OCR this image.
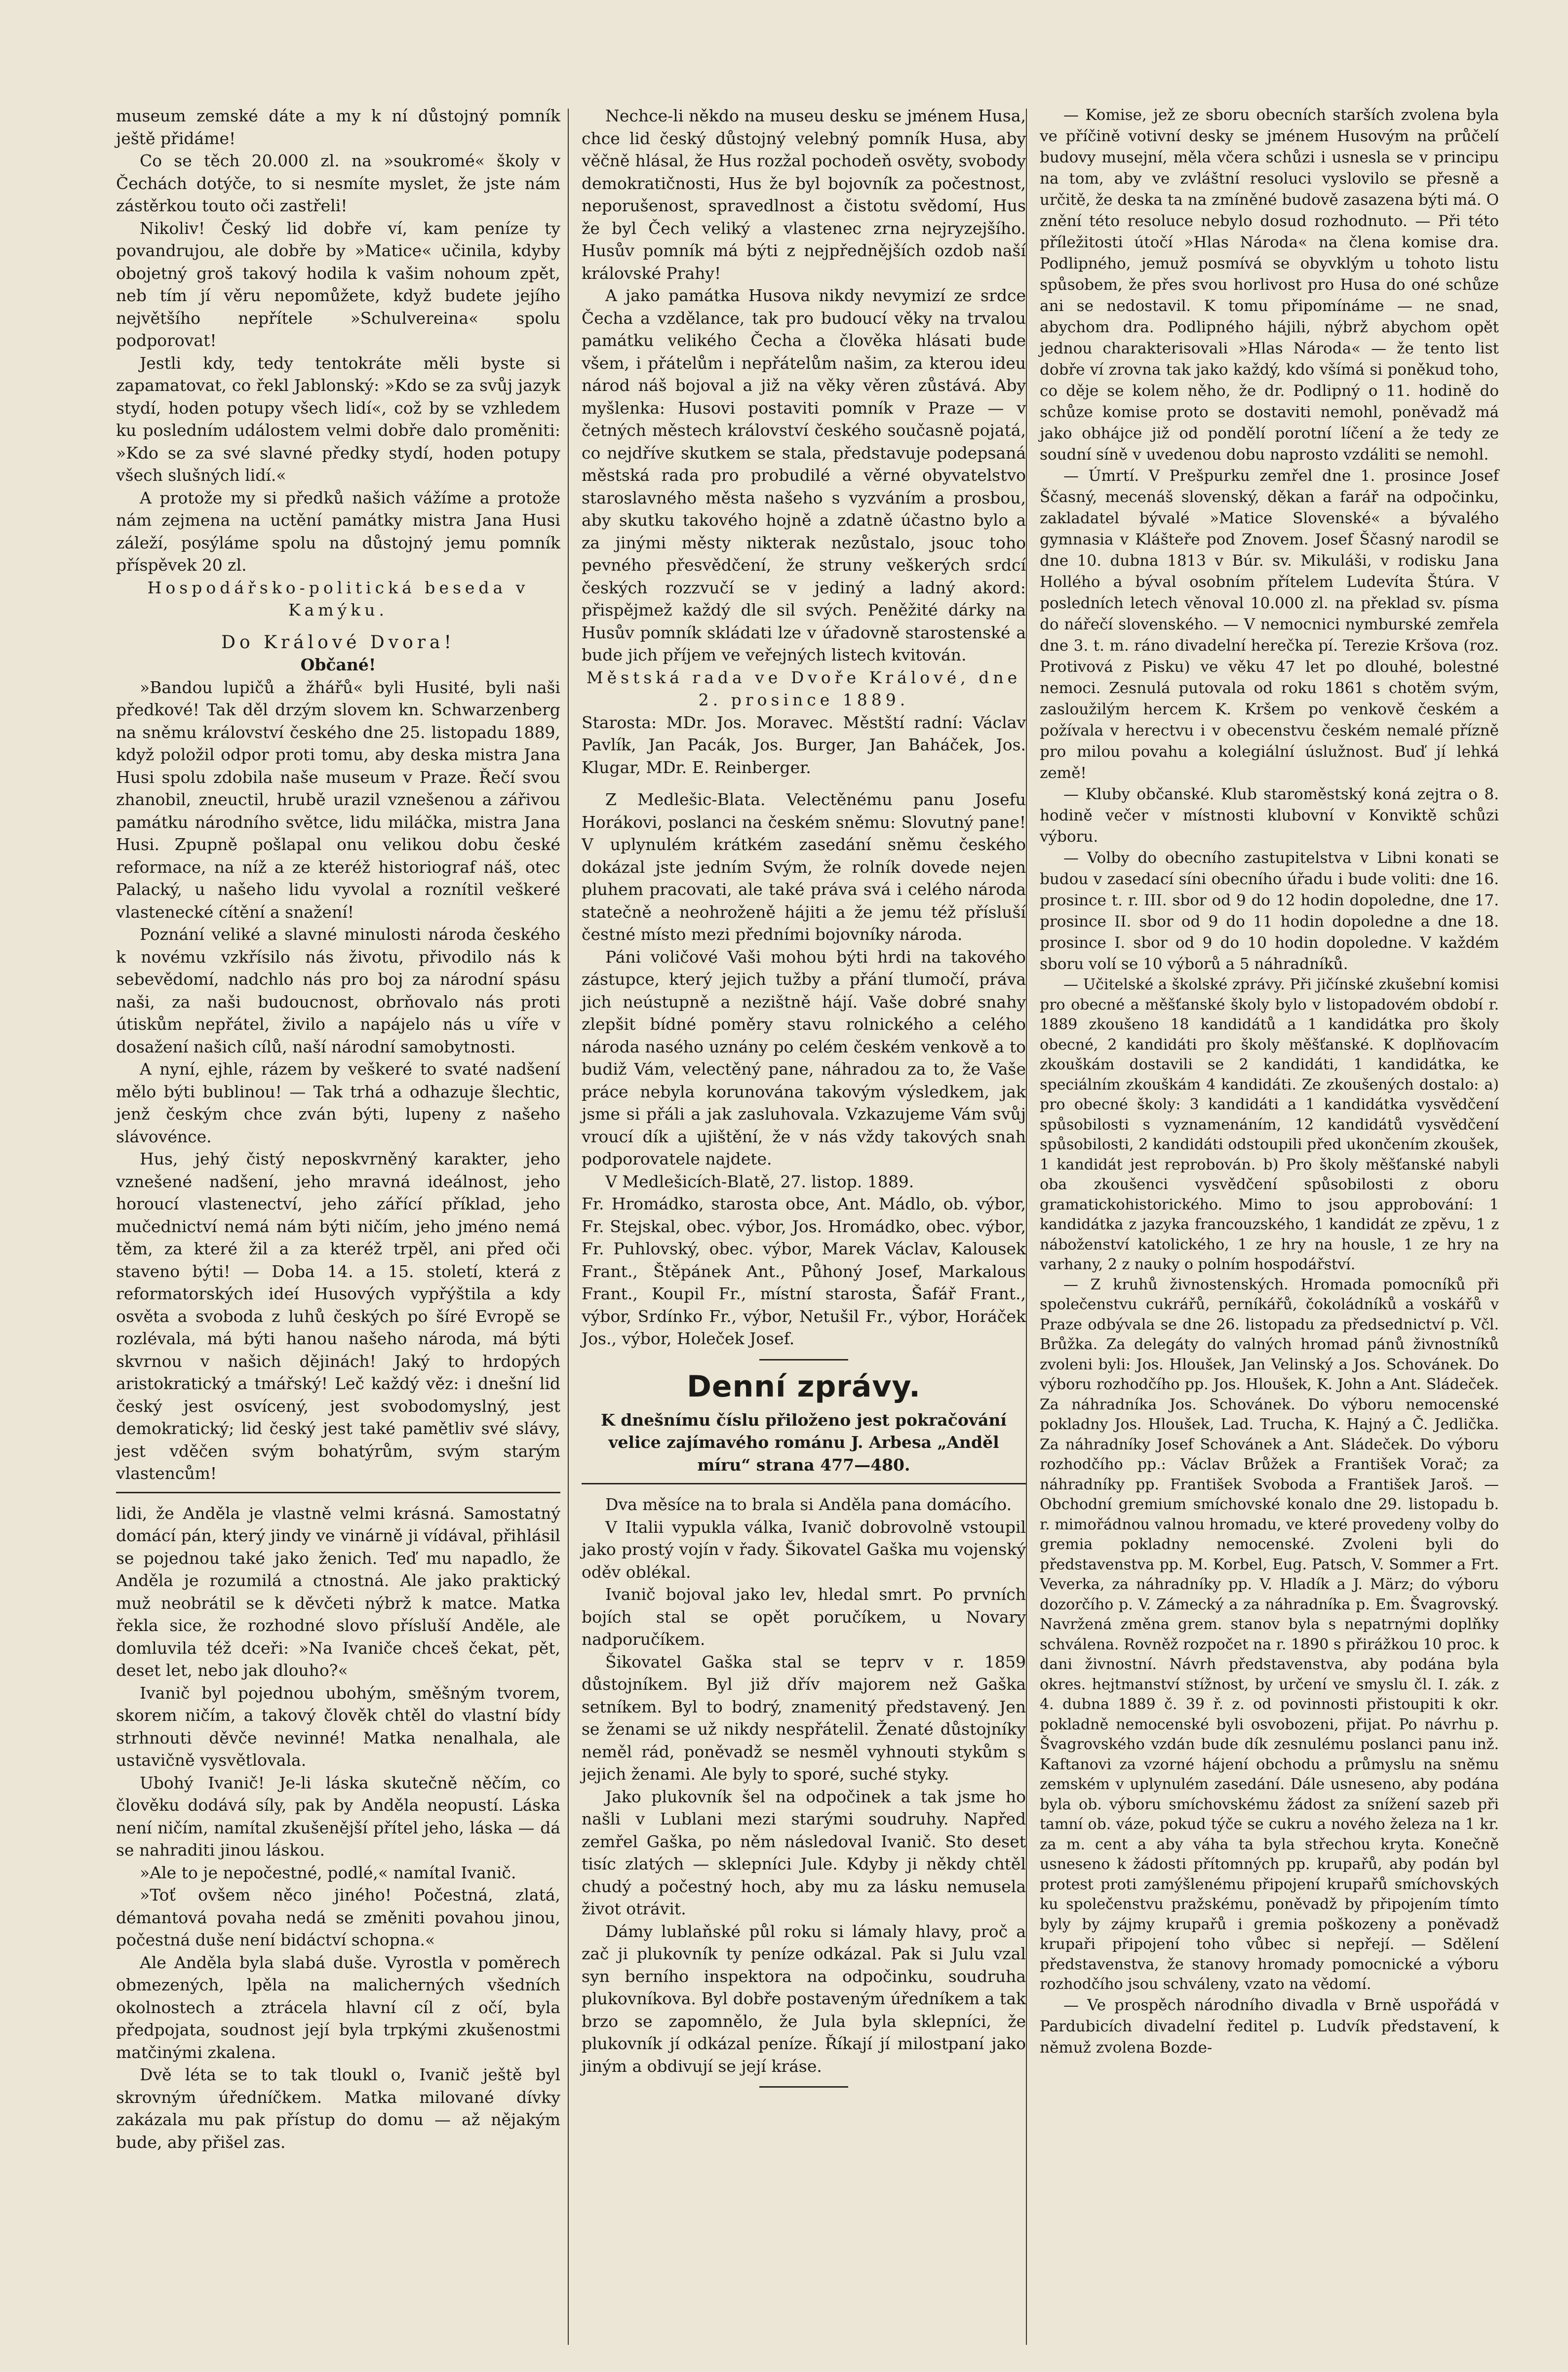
museum zemské dáte a my k ní důstojný pomník ještě přidáme!

Co se těch 20.000 zl. na »soukromé« školy v Čechách dotýče, to si nesmíte myslet, že jste nám zástěrkou touto oči zastřeli!

Nikoliv! Český lid dobře ví, kam peníze ty povandrujou, ale dobře by »Matice« učinila, kdyby obojetný groš takový hodila k vašim nohoum zpět, neb tím jí věru nepomůžete, když budete jejího největšího nepřítele »Schulvereina« spolu podporovat!

Jestli kdy, tedy tentokráte měli byste si zapamatovat, co řekl Jablonský: »Kdo se za svůj jazyk stydí, hoden potupy všech lidí«, což by se vzhledem ku posledním událostem velmi dobře dalo proměniti: »Kdo se za své slavné předky stydí, hoden potupy všech slušných lidí.«

A protože my si předků našich vážíme a protože nám zejmena na uctění památky mistra Jana Husi záleží, posýláme spolu na důstojný jemu pomník příspěvek 20 zl.

Hospodářsko-politická beseda v Kamýku.

Do Králové Dvora!

Občané!

»Bandou lupičů a žhářů« byli Husité, byli naši předkové! Tak děl drzým slovem kn. Schwarzenberg na sněmu království českého dne 25. listopadu 1889, když položil odpor proti tomu, aby deska mistra Jana Husi spolu zdobila naše museum v Praze. Řečí svou zhanobil, zneuctil, hrubě urazil vznešenou a zářivou památku národního světce, lidu miláčka, mistra Jana Husi. Zpupně pošlapal onu velikou dobu české reformace, na níž a ze kteréž historiograf náš, otec Palacký, u našeho lidu vyvolal a roznítil veškeré vlastenecké cítění a snažení!

Poznání veliké a slavné minulosti národa českého k novému vzkřísilo nás životu, přivodilo nás k sebevědomí, nadchlo nás pro boj za národní spásu naši, za naši budoucnost, obrňovalo nás proti útiskům nepřátel, živilo a napájelo nás u víře v dosažení našich cílů, naší národní samobytnosti.

A nyní, ejhle, rázem by veškeré to svaté nadšení mělo býti bublinou! — Tak trhá a odhazuje šlechtic, jenž českým chce zván býti, lupeny z našeho slávovénce.

Hus, jehý čistý neposkvrněný karakter, jeho vznešené nadšení, jeho mravná ideálnost, jeho horoucí vlastenectví, jeho zářící příklad, jeho mučednictví nemá nám býti ničím, jeho jméno nemá těm, za které žil a za kteréž trpěl, ani před oči staveno býti! — Doba 14. a 15. století, která z reformatorských ideí Husových vypřýštila a kdy osvěta a svoboda z luhů českých po šíré Evropě se rozlévala, má býti hanou našeho národa, má býti skvrnou v našich dějinách! Jaký to hrdopých aristokratický a tmářský! Leč každý věz: i dnešní lid český jest osvícený, jest svobodomyslný, jest demokratický; lid český jest také pamětliv své slávy, jest vděčen svým bohatýrům, svým starým vlastencům!

lidi, že Anděla je vlastně velmi krásná. Samostatný domácí pán, který jindy ve vinárně ji vídával, přihlásil se pojednou také jako ženich. Teď mu napadlo, že Anděla je rozumilá a ctnostná. Ale jako praktický muž neobrátil se k děvčeti nýbrž k matce. Matka řekla sice, že rozhodné slovo přísluší Anděle, ale domluvila též dceři: »Na Ivaniče chceš čekat, pět, deset let, nebo jak dlouho?«

Ivanič byl pojednou ubohým, směšným tvorem, skorem ničím, a takový člověk chtěl do vlastní bídy strhnouti děvče nevinné! Matka nenalhala, ale ustavičně vysvětlovala.

Ubohý Ivanič! Je-li láska skutečně něčím, co člověku dodává síly, pak by Anděla neopustí. Láska není ničím, namítal zkušenější přítel jeho, láska — dá se nahraditi jinou láskou.

»Ale to je nepočestné, podlé,« namítal Ivanič.

»Toť ovšem něco jiného! Počestná, zlatá, démantová povaha nedá se změniti povahou jinou, počestná duše není bidáctví schopna.«

Ale Anděla byla slabá duše. Vyrostla v poměrech obmezených, lpěla na malicherných všedních okolnostech a ztrácela hlavní cíl z očí, byla předpojata, soudnost její byla trpkými zkušenostmi matčinými zkalena.

Dvě léta se to tak tloukl o, Ivanič ještě byl skrovným úředníčkem. Matka milované dívky zakázala mu pak přístup do domu — až nějakým bude, aby přišel zas.

Nechce-li někdo na museu desku se jménem Husa, chce lid český důstojný velebný pomník Husa, aby věčně hlásal, že Hus rozžal pochodeň osvěty, svobody demokratičnosti, Hus že byl bojovník za počestnost, neporušenost, spravedlnost a čistotu svědomí, Hus že byl Čech veliký a vlastenec zrna nejryzejšího. Husův pomník má býti z nejpřednějších ozdob naší královské Prahy!

A jako památka Husova nikdy nevymizí ze srdce Čecha a vzdělance, tak pro budoucí věky na trvalou památku velikého Čecha a člověka hlásati bude všem, i přátelům i nepřátelům našim, za kterou ideu národ náš bojoval a již na věky věren zůstává. Aby myšlenka: Husovi postaviti pomník v Praze — v četných městech království českého současně pojatá, co nejdříve skutkem se stala, představuje podepsaná městská rada pro probudilé a věrné obyvatelstvo staroslavného města našeho s vyzváním a prosbou, aby skutku takového hojně a zdatně účastno bylo a za jinými městy nikterak nezůstalo, jsouc toho pevného přesvědčení, že struny veškerých srdcí českých rozzvučí se v jediný a ladný akord: přispějmež každý dle sil svých. Peněžité dárky na Husův pomník skládati lze v úřadovně starostenské a bude jich příjem ve veřejných listech kvitován.

Městská rada ve Dvoře Králové, dne 2. prosince 1889.

Starosta: MDr. Jos. Moravec. Městští radní: Václav Pavlík, Jan Pacák, Jos. Burger, Jan Baháček, Jos. Klugar, MDr. E. Reinberger.

Z Medlešic-Blata. Velectěnému panu Josefu Horákovi, poslanci na českém sněmu: Slovutný pane! V uplynulém krátkém zasedání sněmu českého dokázal jste jedním Svým, že rolník dovede nejen pluhem pracovati, ale také práva svá i celého národa statečně a neohroženě hájiti a že jemu též přísluší čestné místo mezi předními bojovníky národa.

Páni voličové Vaši mohou býti hrdi na takového zástupce, který jejich tužby a přání tlumočí, práva jich neústupně a nezištně hájí. Vaše dobré snahy zlepšit bídné poměry stavu rolnického a celého národa nasého uznány po celém českém venkově a to budiž Vám, velectěný pane, náhradou za to, že Vaše práce nebyla korunována takovým výsledkem, jak jsme si přáli a jak zasluhovala. Vzkazujeme Vám svůj vroucí dík a ujištění, že v nás vždy takových snah podporovatele najdete.

V Medlešicích-Blatě, 27. listop. 1889.

Fr. Hromádko, starosta obce, Ant. Mádlo, ob. výbor, Fr. Stejskal, obec. výbor, Jos. Hromádko, obec. výbor, Fr. Puhlovský, obec. výbor, Marek Václav, Kalousek Frant., Štěpánek Ant., Půhoný Josef, Markalous Frant., Koupil Fr., místní starosta, Šafář Frant., výbor, Srdínko Fr., výbor, Netušil Fr., výbor, Horáček Jos., výbor, Holeček Josef.

Denní zprávy.

K dnešnímu číslu přiloženo jest pokračování velice zajímavého románu J. Arbesa „Anděl míru“ strana 477—480.

Dva měsíce na to brala si Anděla pana domácího.

V Italii vypukla válka, Ivanič dobrovolně vstoupil jako prostý vojín v řady. Šikovatel Gaška mu vojenský oděv oblékal.

Ivanič bojoval jako lev, hledal smrt. Po prvních bojích stal se opět poručíkem, u Novary nadporučíkem.

Šikovatel Gaška stal se teprv v r. 1859 důstojníkem. Byl již dřív majorem než Gaška setníkem. Byl to bodrý, znamenitý představený. Jen se ženami se už nikdy nespřátelil. Ženaté důstojníky neměl rád, poněvadž se nesměl vyhnouti stykům s jejich ženami. Ale byly to sporé, suché styky.

Jako plukovník šel na odpočinek a tak jsme ho našli v Lublani mezi starými soudruhy. Napřed zemřel Gaška, po něm následoval Ivanič. Sto deset tisíc zlatých — sklepníci Jule. Kdyby ji někdy chtěl chudý a počestný hoch, aby mu za lásku nemusela život otrávit.

Dámy lublaňské půl roku si lámaly hlavy, proč a zač ji plukovník ty peníze odkázal. Pak si Julu vzal syn berního inspektora na odpočinku, soudruha plukovníkova. Byl dobře postaveným úředníkem a tak brzo se zapomnělo, že Jula byla sklepníci, že plukovník jí odkázal peníze. Říkají jí milostpaní jako jiným a obdivují se její kráse.

— Komise, jež ze sboru obecních starších zvolena byla ve příčině votivní desky se jménem Husovým na průčelí budovy musejní, měla včera schůzi i usnesla se v principu na tom, aby ve zvláštní resoluci vyslovilo se přesně a určitě, že deska ta na zmíněné budově zasazena býti má. O znění této resoluce nebylo dosud rozhodnuto. — Při této příležitosti útočí »Hlas Národa« na člena komise dra. Podlipného, jemuž posmívá se obyvklým u tohoto listu spůsobem, že přes svou horlivost pro Husa do oné schůze ani se nedostavil. K tomu připomínáme — ne snad, abychom dra. Podlipného hájili, nýbrž abychom opět jednou charakterisovali »Hlas Národa« — že tento list dobře ví zrovna tak jako každý, kdo všímá si poněkud toho, co děje se kolem něho, že dr. Podlipný o 11. hodině do schůze komise proto se dostaviti nemohl, poněvadž má jako obhájce již od pondělí porotní líčení a že tedy ze soudní síně v uvedenou dobu naprosto vzdáliti se nemohl.

— Úmrtí. V Prešpurku zemřel dne 1. prosince Josef Ščasný, mecenáš slovenský, děkan a farář na odpočinku, zakladatel bývalé »Matice Slovenské« a bývalého gymnasia v Klášteře pod Znovem. Josef Ščasný narodil se dne 10. dubna 1813 v Búr. sv. Mikuláši, v rodisku Jana Hollého a býval osobním přítelem Ludevíta Štúra. V posledních letech věnoval 10.000 zl. na překlad sv. písma do nářečí slovenského. — V nemocnici nymburské zemřela dne 3. t. m. ráno divadelní herečka pí. Terezie Kršova (roz. Protivová z Pisku) ve věku 47 let po dlouhé, bolestné nemoci. Zesnulá putovala od roku 1861 s chotěm svým, zasloužilým hercem K. Kršem po venkově českém a požívala v herectvu i v obecenstvu českém nemalé přízně pro milou povahu a kolegiální úslužnost. Buď jí lehká země!

— Kluby občanské. Klub staroměstský koná zejtra o 8. hodině večer v místnosti klubovní v Konviktě schůzi výboru.

— Volby do obecního zastupitelstva v Libni konati se budou v zasedací síni obecního úřadu i bude voliti: dne 16. prosince t. r. III. sbor od 9 do 12 hodin dopoledne, dne 17. prosince II. sbor od 9 do 11 hodin dopoledne a dne 18. prosince I. sbor od 9 do 10 hodin dopoledne. V každém sboru volí se 10 výborů a 5 náhradníků.

— Učitelské a školské zprávy. Při jičínské zkušební komisi pro obecné a měšťanské školy bylo v listopadovém období r. 1889 zkoušeno 18 kandidátů a 1 kandidátka pro školy obecné, 2 kandidáti pro školy měšťanské. K doplňovacím zkouškám dostavili se 2 kandidáti, 1 kandidátka, ke speciálním zkouškám 4 kandidáti. Ze zkoušených dostalo: a) pro obecné školy: 3 kandidáti a 1 kandidátka vysvědčení spůsobilosti s vyznamenáním, 12 kandidátů vysvědčení spůsobilosti, 2 kandidáti odstoupili před ukončením zkoušek, 1 kandidát jest reprobován. b) Pro školy měšťanské nabyli oba zkoušenci vysvědčení spůsobilosti z oboru gramatickohistorického. Mimo to jsou approbování: 1 kandidátka z jazyka francouzského, 1 kandidát ze zpěvu, 1 z náboženství katolického, 1 ze hry na housle, 1 ze hry na varhany, 2 z nauky o polním hospodářství.

— Z kruhů živnostenských. Hromada pomocníků při společenstvu cukrářů, perníkářů, čokoládníků a voskářů v Praze odbývala se dne 26. listopadu za předsednictví p. Včl. Brůžka. Za delegáty do valných hromad pánů živnostníků zvoleni byli: Jos. Hloušek, Jan Velinský a Jos. Schovánek. Do výboru rozhodčího pp. Jos. Hloušek, K. John a Ant. Sládeček. Za náhradníka Jos. Schovánek. Do výboru nemocenské pokladny Jos. Hloušek, Lad. Trucha, K. Hajný a Č. Jedlička. Za náhradníky Josef Schovánek a Ant. Sládeček. Do výboru rozhodčího pp.: Václav Brůžek a František Vorač; za náhradníky pp. František Svoboda a František Jaroš. — Obchodní gremium smíchovské konalo dne 29. listopadu b. r. mimořádnou valnou hromadu, ve které provedeny volby do gremia pokladny nemocenské. Zvoleni byli do představenstva pp. M. Korbel, Eug. Patsch, V. Sommer a Frt. Veverka, za náhradníky pp. V. Hladík a J. März; do výboru dozorčího p. V. Zámecký a za náhradníka p. Em. Švagrovský. Navržená změna grem. stanov byla s nepatrnými doplňky schválena. Rovněž rozpočet na r. 1890 s přirážkou 10 proc. k dani živnostní. Návrh představenstva, aby podána byla okres. hejtmanství stížnost, by určení ve smyslu čl. I. zák. z 4. dubna 1889 č. 39 ř. z. od povinnosti přistoupiti k okr. pokladně nemocenské byli osvobozeni, přijat. Po návrhu p. Švagrovského vzdán bude dík zesnulému poslanci panu inž. Kaftanovi za vzorné hájení obchodu a průmyslu na sněmu zemském v uplynulém zasedání. Dále usneseno, aby podána byla ob. výboru smíchovskému žádost za snížení sazeb při tamní ob. váze, pokud týče se cukru a nového železa na 1 kr. za m. cent a aby váha ta byla střechou kryta. Konečně usneseno k žádosti přítomných pp. krupařů, aby podán byl protest proti zamýšlenému připojení krupařů smíchovských ku společenstvu pražskému, poněvadž by připojením tímto byly by zájmy krupařů i gremia poškozeny a poněvadž krupaři připojení toho vůbec si nepřejí. — Sdělení představenstva, že stanovy hromady pomocnické a výboru rozhodčího jsou schváleny, vzato na vědomí.

— Ve prospěch národního divadla v Brně uspořádá v Pardubicích divadelní ředitel p. Ludvík představení, k němuž zvolena Bozde-
